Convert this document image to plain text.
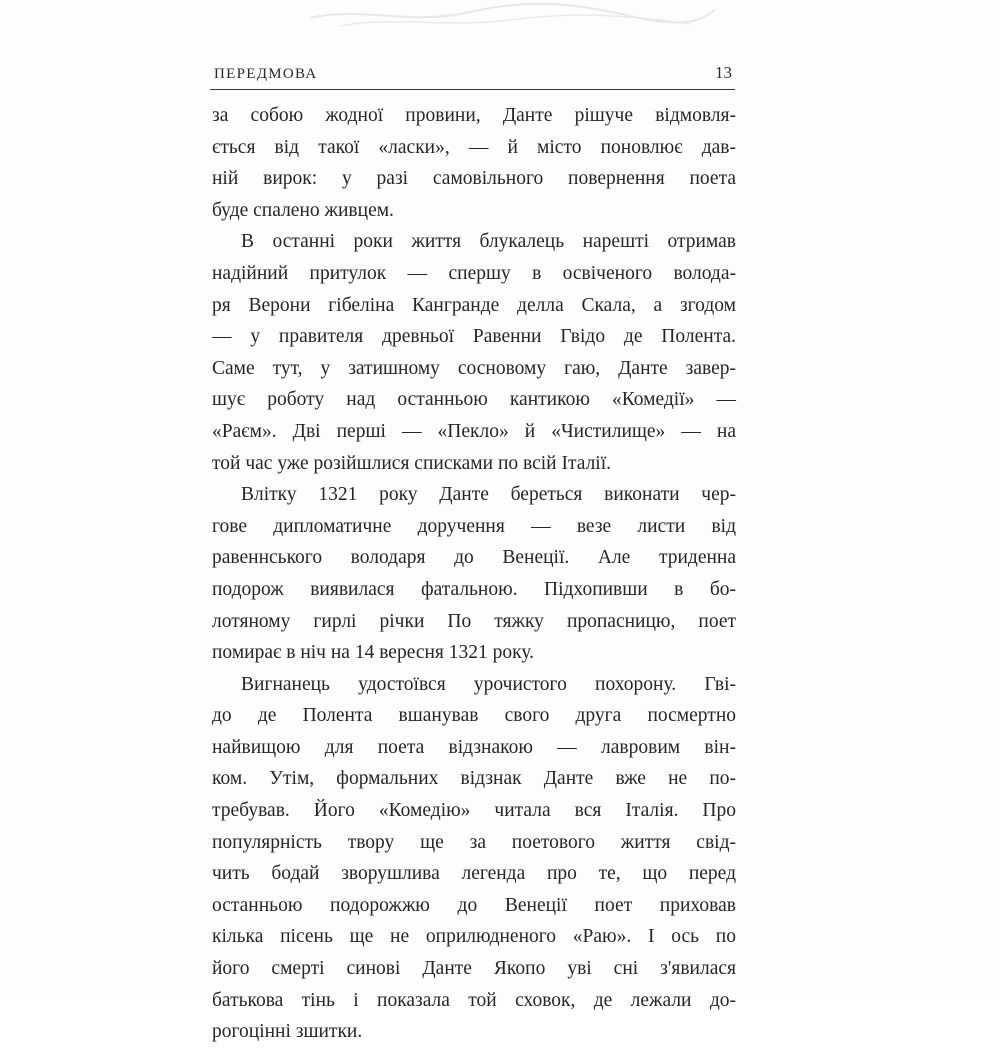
ПЕРЕДМОВА	13

за собою жодної провини, Данте рішуче відмовля-
ється від такої «ласки», — й місто поновлює дав-
ній вирок: у разі самовільного повернення поета
буде спалено живцем.

В останні роки життя блукалець нарешті отримав
надійний притулок — спершу в освіченого волода-
ря Верони гібеліна Кангранде делла Скала, а згодом
— у правителя древньої Равенни Гвідо де Полента.
Саме тут, у затишному сосновому гаю, Данте завер-
шує роботу над останньою кантикою «Комедії» —
«Раєм». Дві перші — «Пекло» й «Чистилище» — на
той час уже розійшлися списками по всій Італії.

Влітку 1321 року Данте береться виконати чер-
гове дипломатичне доручення — везе листи від
равеннського володаря до Венеції. Але триденна
подорож виявилася фатальною. Підхопивши в бо-
лотяному гирлі річки По тяжку пропасницю, поет
помирає в ніч на 14 вересня 1321 року.

Вигнанець удостоївся урочистого похорону. Гві-
до де Полента вшанував свого друга посмертно
найвищою для поета відзнакою — лавровим він-
ком. Утім, формальних відзнак Данте вже не по-
требував. Його «Комедію» читала вся Італія. Про
популярність твору ще за поетового життя свід-
чить бодай зворушлива легенда про те, що перед
останньою подорожжю до Венеції поет приховав
кілька пісень ще не оприлюдненого «Раю». І ось по
його смерті синові Данте Якопо уві сні з'явилася
батькова тінь і показала той сховок, де лежали до-
рогоцінні зшитки.
